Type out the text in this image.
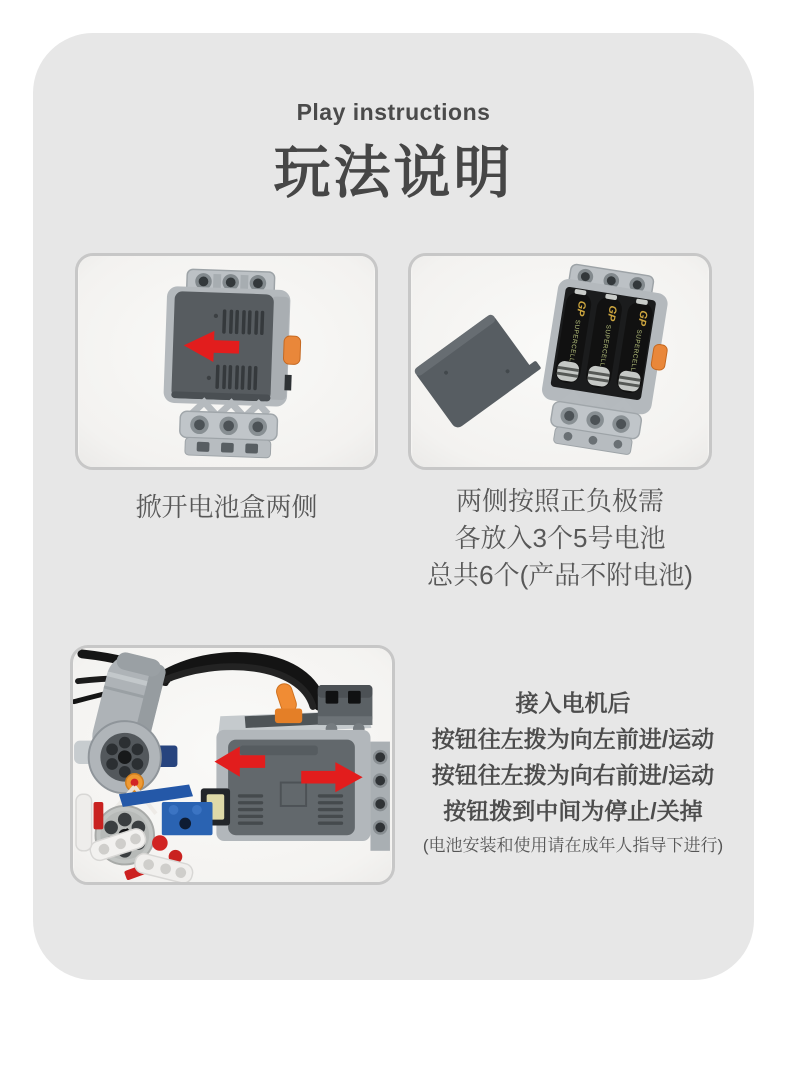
Play instructions
玩法说明
GP
SUPERCELL
GP
SUPERCELL
GP
SUPERCELL
掀开电池盒两侧	两侧按照正负极需
各放入3个5号电池
总共6个(产品不附电池)
接入电机后
按钮往左拨为向左前进/运动
按钮往左拨为向右前进/运动
按钮拨到中间为停止/关掉
(电池安装和使用请在成年人指导下进行)
